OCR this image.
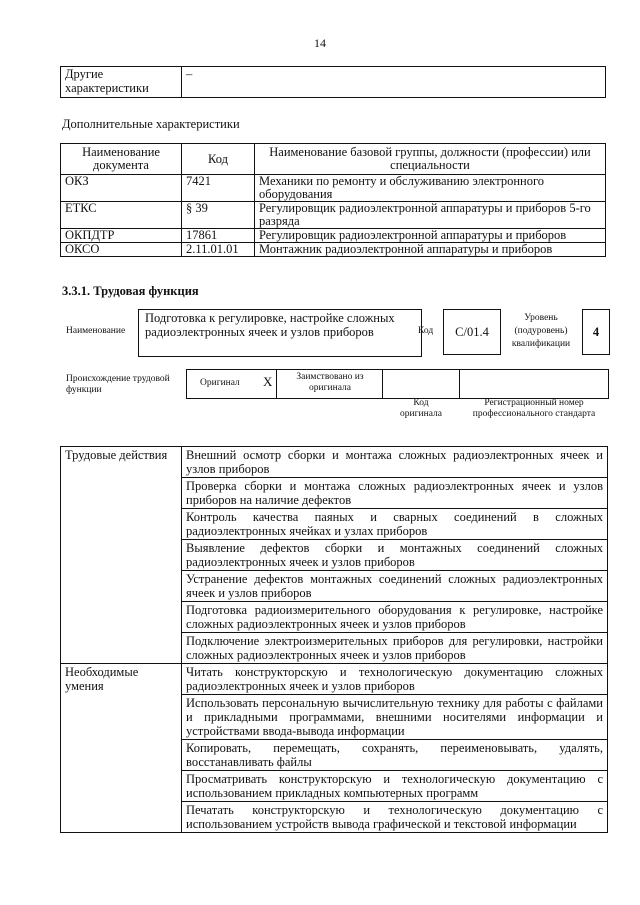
14
Другие характеристики	–
Дополнительные характеристики
Наименование документа	Код	Наименование базовой группы, должности (профессии) или специальности
ОКЗ	7421	Механики по ремонту и обслуживанию электронного оборудования
ЕТКС	§ 39	Регулировщик радиоэлектронной аппаратуры и приборов 5-го разряда
ОКПДТР	17861	Регулировщик радиоэлектронной аппаратуры и приборов
ОКСО	2.11.01.01	Монтажник радиоэлектронной аппаратуры и приборов
3.3.1. Трудовая функция
Наименование
Подготовка к регулировке, настройке сложных радиоэлектронных ячеек и узлов приборов	Код	C/01.4
Уровень (подуровень) квалификации
4
Происхождение трудовой функции
Оригинал X	Заимствовано из оригинала
Код оригинала
Регистрационный номер профессионального стандарта
Трудовые действия	Внешний осмотр сборки и монтажа сложных радиоэлектронных ячеек и узлов приборов
	Проверка сборки и монтажа сложных радиоэлектронных ячеек и узлов приборов на наличие дефектов
	Контроль качества паяных и сварных соединений в сложных радиоэлектронных ячейках и узлах приборов
	Выявление дефектов сборки и монтажных соединений сложных радиоэлектронных ячеек и узлов приборов
	Устранение дефектов монтажных соединений сложных радиоэлектронных ячеек и узлов приборов
	Подготовка радиоизмерительного оборудования к регулировке, настройке сложных радиоэлектронных ячеек и узлов приборов
	Подключение электроизмерительных приборов для регулировки, настройки сложных радиоэлектронных ячеек и узлов приборов
Необходимые умения	Читать конструкторскую и технологическую документацию сложных радиоэлектронных ячеек и узлов приборов
	Использовать персональную вычислительную технику для работы с файлами и прикладными программами, внешними носителями информации и устройствами ввода-вывода информации
	Копировать, перемещать, сохранять, переименовывать, удалять, восстанавливать файлы
	Просматривать конструкторскую и технологическую документацию с использованием прикладных компьютерных программ
	Печатать конструкторскую и технологическую документацию с использованием устройств вывода графической и текстовой информации
